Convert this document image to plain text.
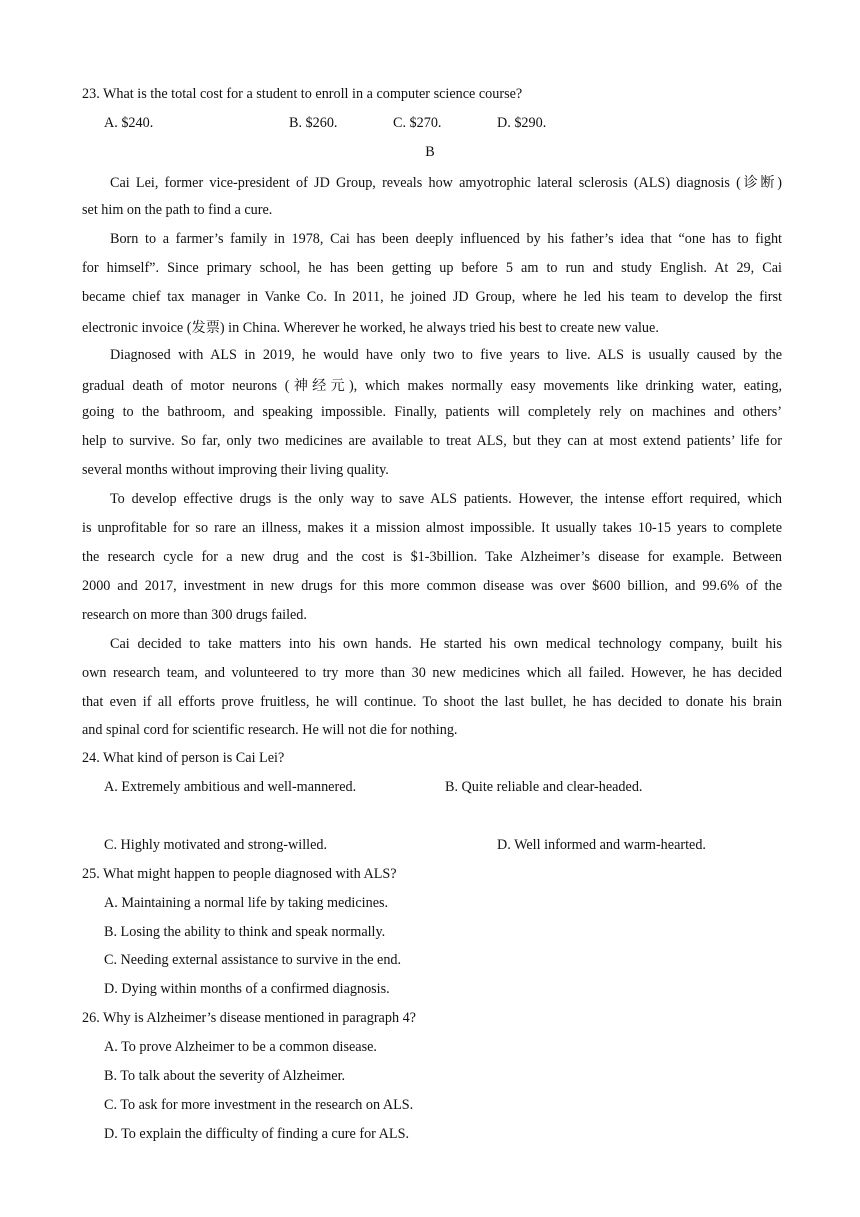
23. What is the total cost for a student to enroll in a computer science course?
A. $240.	B. $260.	C. $270.	D. $290.
B
Cai Lei, former vice-president of JD Group, reveals how amyotrophic lateral sclerosis (ALS) diagnosis (诊断)
set him on the path to find a cure.
Born to a farmer’s family in 1978, Cai has been deeply influenced by his father’s idea that “one has to fight
for himself”. Since primary school, he has been getting up before 5 am to run and study English. At 29, Cai
became chief tax manager in Vanke Co. In 2011, he joined JD Group, where he led his team to develop the first
electronic invoice (发票) in China. Wherever he worked, he always tried his best to create new value.
Diagnosed with ALS in 2019, he would have only two to five years to live. ALS is usually caused by the
gradual death of motor neurons (神经元), which makes normally easy movements like drinking water, eating,
going to the bathroom, and speaking impossible. Finally, patients will completely rely on machines and others’
help to survive. So far, only two medicines are available to treat ALS, but they can at most extend patients’ life for
several months without improving their living quality.
To develop effective drugs is the only way to save ALS patients. However, the intense effort required, which
is unprofitable for so rare an illness, makes it a mission almost impossible. It usually takes 10-15 years to complete
the research cycle for a new drug and the cost is $1-3billion. Take Alzheimer’s disease for example. Between
2000 and 2017, investment in new drugs for this more common disease was over $600 billion, and 99.6% of the
research on more than 300 drugs failed.
Cai decided to take matters into his own hands. He started his own medical technology company, built his
own research team, and volunteered to try more than 30 new medicines which all failed. However, he has decided
that even if all efforts prove fruitless, he will continue. To shoot the last bullet, he has decided to donate his brain
and spinal cord for scientific research. He will not die for nothing.
24. What kind of person is Cai Lei?
A. Extremely ambitious and well-mannered.	B. Quite reliable and clear-headed.
C. Highly motivated and strong-willed.	D. Well informed and warm-hearted.
25. What might happen to people diagnosed with ALS?
A. Maintaining a normal life by taking medicines.
B. Losing the ability to think and speak normally.
C. Needing external assistance to survive in the end.
D. Dying within months of a confirmed diagnosis.
26. Why is Alzheimer’s disease mentioned in paragraph 4?
A. To prove Alzheimer to be a common disease.
B. To talk about the severity of Alzheimer.
C. To ask for more investment in the research on ALS.
D. To explain the difficulty of finding a cure for ALS.
